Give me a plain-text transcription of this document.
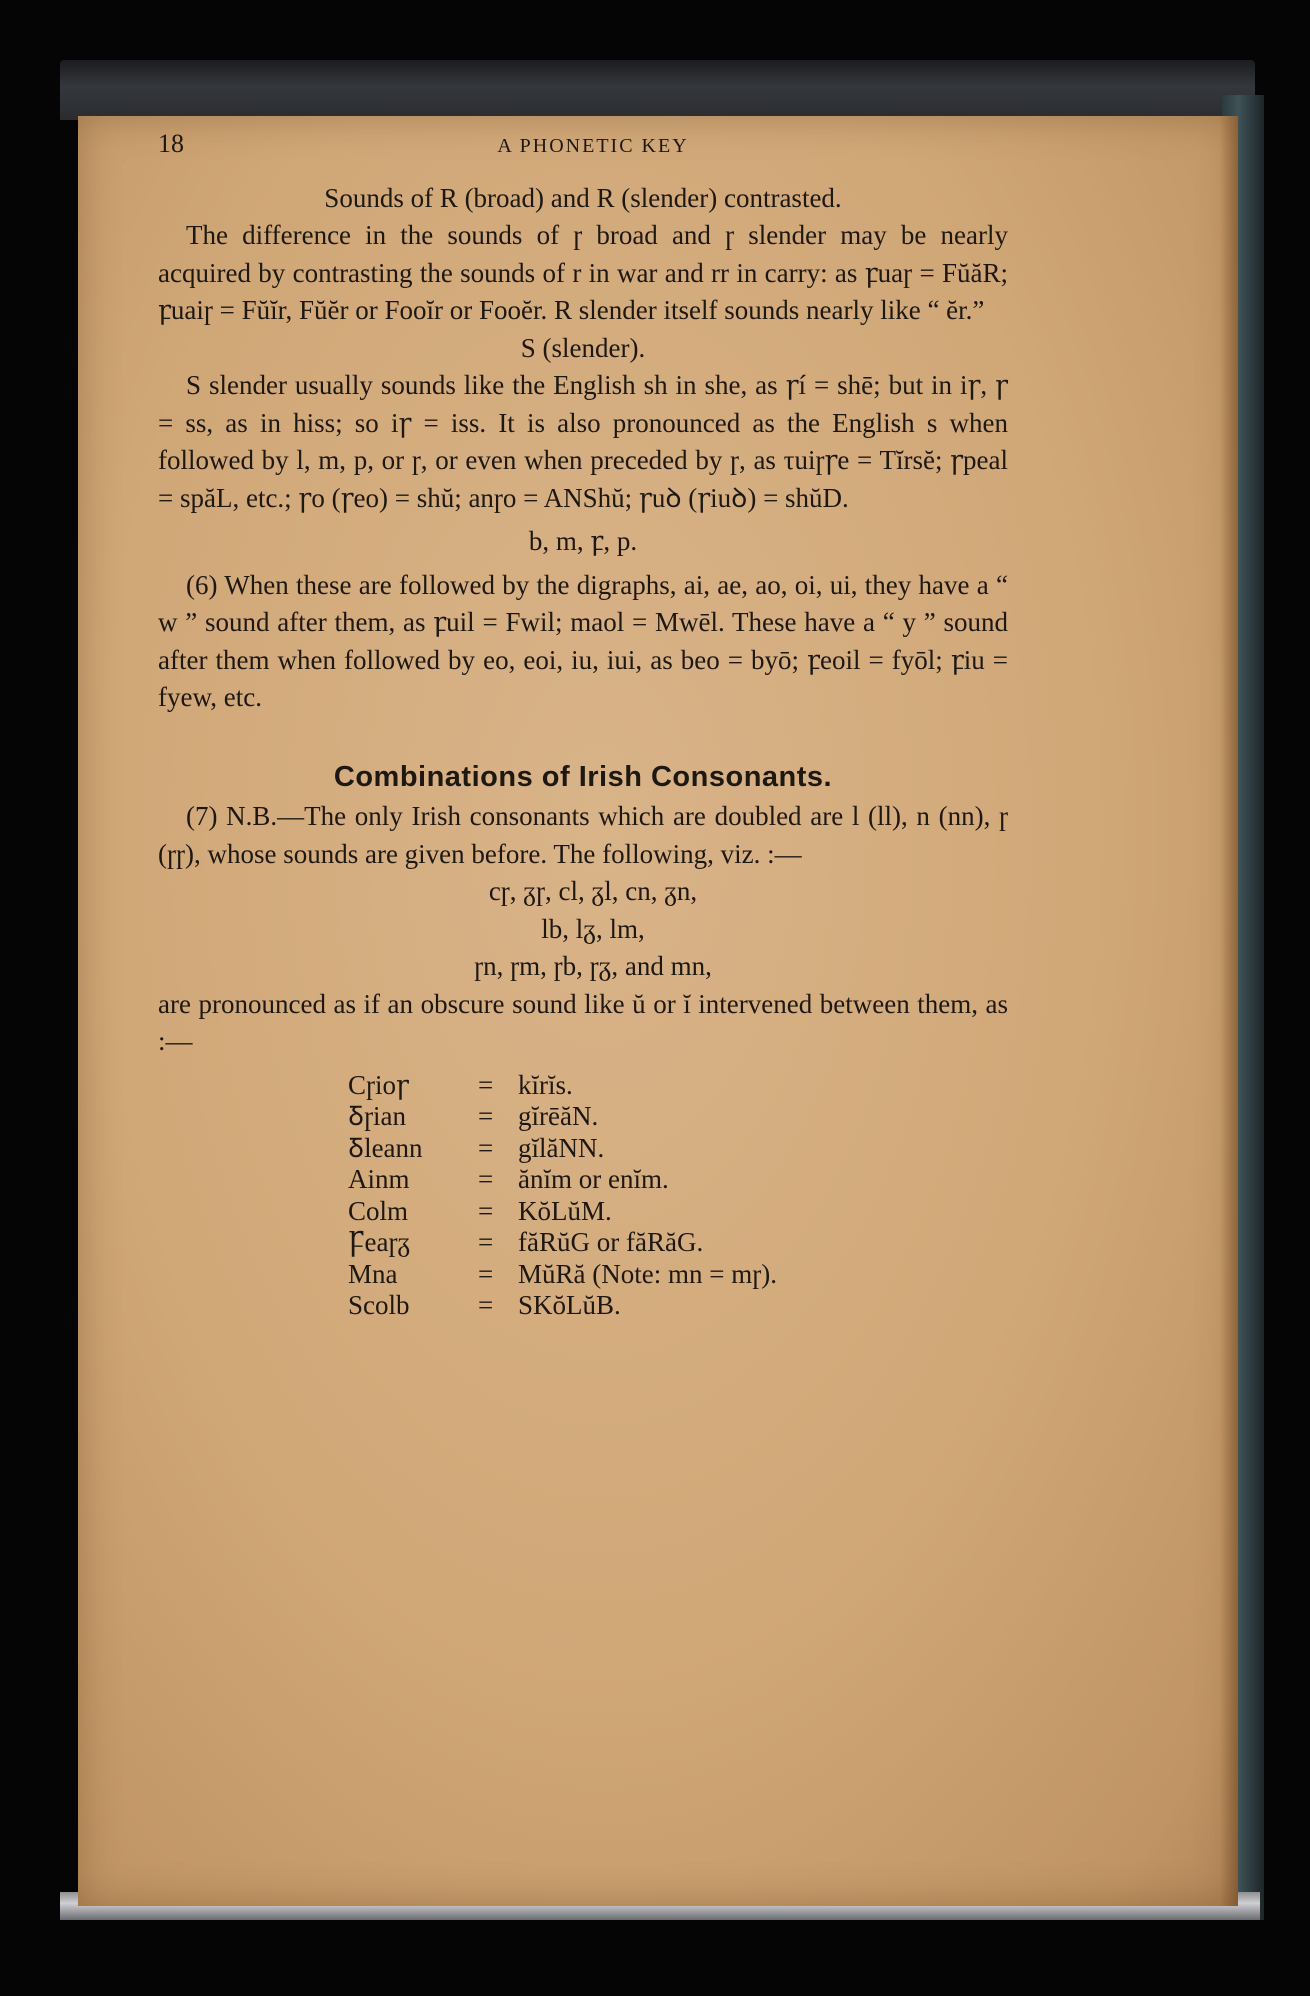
18	A PHONETIC KEY

Sounds of R (broad) and R (slender) contrasted.

The difference in the sounds of ɼ broad and ɼ slender may be nearly acquired by contrasting the sounds of r in war and rr in carry: as ꝼuaɼ = FŭăR; ꝼuaiɼ = Fŭĭr, Fŭĕr or Fooĭr or Fooĕr. R slender itself sounds nearly like “ ĕr.”

S (slender).

S slender usually sounds like the English sh in she, as ꞅí = shē; but in iꞅ, ꞅ = ss, as in hiss; so iꞅ = iss. It is also pronounced as the English s when followed by l, m, p, or ɼ, or even when preceded by ɼ, as τuiɼꞅe = Tĭrsĕ; ꞅpeal = spăL, etc.; ꞅo (ꞅeo) = shŭ; anɼo = ANShŭ; ꞅuꝺ (ꞅiuꝺ) = shŭD.

b, m, ꝼ, p.

(6) When these are followed by the digraphs, ai, ae, ao, oi, ui, they have a “ w ” sound after them, as ꝼuil = Fwil; maol = Mwēl. These have a “ y ” sound after them when followed by eo, eoi, iu, iui, as beo = byō; ꝼeoil = fyōl; ꝼiu = fyew, etc.

Combinations of Irish Consonants.

(7) N.B.—The only Irish consonants which are doubled are l (ll), n (nn), ɼ (ɼɼ), whose sounds are given before. The following, viz. :—

cɼ, ᵹɼ, cl, ᵹl, cn, ᵹn,
lb, lᵹ, lm,
ɼn, ɼm, ɼb, ɼᵹ, and mn,

are pronounced as if an obscure sound like ŭ or ĭ intervened between them, as :—

Cɼioꞅ	= kĭrĭs.
Ᵹɼian	= gĭrēăN.
Ᵹleann	= gĭlăNN.
Ainm	= ănĭm or enĭm.
Colm	= KŏLŭM.
Ꝼeaɼᵹ	= făRŭG or făRăG.
Mna	= MŭRă (Note: mn = mɼ).
Scolb	= SKŏLŭB.
